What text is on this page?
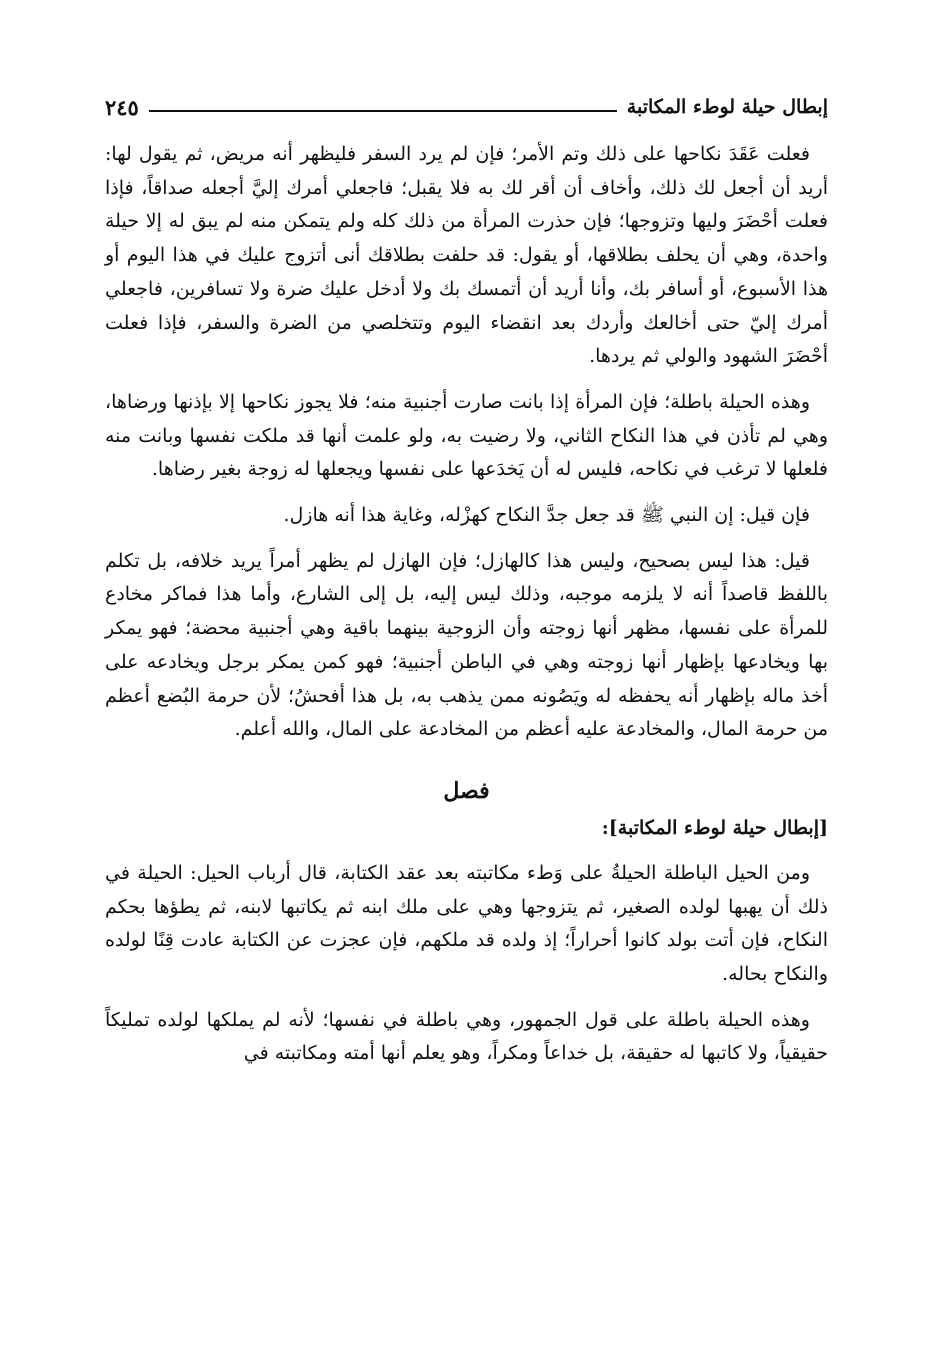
إبطال حيلة لوطء المكاتبة
٢٤٥

فعلت عَقَدَ نكاحها على ذلك وتم الأمر؛ فإن لم يرد السفر فليظهر أنه مريض، ثم يقول لها: أريد أن أجعل لك ذلك، وأخاف أن أقر لك به فلا يقبل؛ فاجعلي أمرك إليَّ أجعله صداقاً، فإذا فعلت أحْضَرَ وليها وتزوجها؛ فإن حذرت المرأة من ذلك كله ولم يتمكن منه لم يبق له إلا حيلة واحدة، وهي أن يحلف بطلاقها، أو يقول: قد حلفت بطلاقك أنى أتزوج عليك في هذا اليوم أو هذا الأسبوع، أو أسافر بك، وأنا أريد أن أتمسك بك ولا أدخل عليك ضرة ولا تسافرين، فاجعلي أمرك إليّ حتى أخالعك وأردك بعد انقضاء اليوم وتتخلصي من الضرة والسفر، فإذا فعلت أحْضَرَ الشهود والولي ثم يردها.

وهذه الحيلة باطلة؛ فإن المرأة إذا بانت صارت أجنبية منه؛ فلا يجوز نكاحها إلا بإذنها ورضاها، وهي لم تأذن في هذا النكاح الثاني، ولا رضيت به، ولو علمت أنها قد ملكت نفسها وبانت منه فلعلها لا ترغب في نكاحه، فليس له أن يَخدَعها على نفسها ويجعلها له زوجة بغير رضاها.

فإن قيل: إن النبي ﷺ قد جعل جدَّ النكاح كهزْله، وغاية هذا أنه هازل.

قيل: هذا ليس بصحيح، وليس هذا كالهازل؛ فإن الهازل لم يظهر أمراً يريد خلافه، بل تكلم باللفظ قاصداً أنه لا يلزمه موجبه، وذلك ليس إليه، بل إلى الشارع، وأما هذا فماكر مخادع للمرأة على نفسها، مظهر أنها زوجته وأن الزوجية بينهما باقية وهي أجنبية محضة؛ فهو يمكر بها ويخادعها بإظهار أنها زوجته وهي في الباطن أجنبية؛ فهو كمن يمكر برجل ويخادعه على أخذ ماله بإظهار أنه يحفظه له ويَصُونه ممن يذهب به، بل هذا أفحشُ؛ لأن حرمة البُضع أعظم من حرمة المال، والمخادعة عليه أعظم من المخادعة على المال، والله أعلم.

فصل
[إبطال حيلة لوطء المكاتبة]:

ومن الحيل الباطلة الحيلةُ على وَطء مكاتبته بعد عقد الكتابة، قال أرباب الحيل: الحيلة في ذلك أن يهبها لولده الصغير، ثم يتزوجها وهي على ملك ابنه ثم يكاتبها لابنه، ثم يطؤها بحكم النكاح، فإن أتت بولد كانوا أحراراً؛ إذ ولده قد ملكهم، فإن عجزت عن الكتابة عادت قِنًا لولده والنكاح بحاله.

وهذه الحيلة باطلة على قول الجمهور، وهي باطلة في نفسها؛ لأنه لم يملكها لولده تمليكاً حقيقياً، ولا كاتبها له حقيقة، بل خداعاً ومكراً، وهو يعلم أنها أمته ومكاتبته في
